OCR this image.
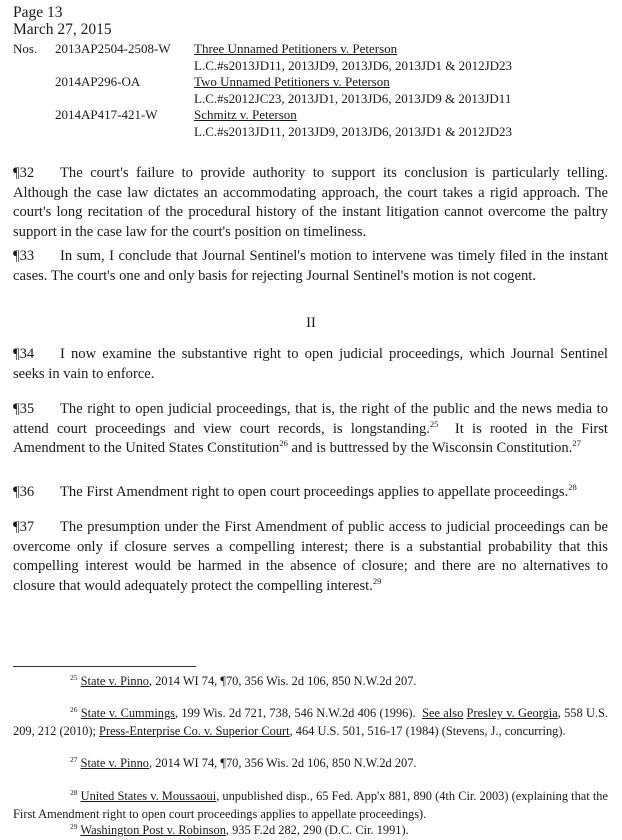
Page 13
March 27, 2015
Nos.	2013AP2504-2508-W	Three Unnamed Petitioners v. Peterson
L.C.#s2013JD11, 2013JD9, 2013JD6, 2013JD1 & 2012JD23
2014AP296-OA	Two Unnamed Petitioners v. Peterson
L.C.#s2012JC23, 2013JD1, 2013JD6, 2013JD9 & 2013JD11
2014AP417-421-W	Schmitz v. Peterson
L.C.#s2013JD11, 2013JD9, 2013JD6, 2013JD1 & 2012JD23
¶32 The court's failure to provide authority to support its conclusion is particularly telling. Although the case law dictates an accommodating approach, the court takes a rigid approach. The court's long recitation of the procedural history of the instant litigation cannot overcome the paltry support in the case law for the court's position on timeliness.
¶33 In sum, I conclude that Journal Sentinel's motion to intervene was timely filed in the instant cases. The court's one and only basis for rejecting Journal Sentinel's motion is not cogent.
II
¶34 I now examine the substantive right to open judicial proceedings, which Journal Sentinel seeks in vain to enforce.
¶35 The right to open judicial proceedings, that is, the right of the public and the news media to attend court proceedings and view court records, is longstanding.$^{25}$  It is rooted in the First Amendment to the United States Constitution$^{26}$ and is buttressed by the Wisconsin Constitution.$^{27}$
¶36 The First Amendment right to open court proceedings applies to appellate proceedings.$^{28}$
¶37 The presumption under the First Amendment of public access to judicial proceedings can be overcome only if closure serves a compelling interest; there is a substantial probability that this compelling interest would be harmed in the absence of closure; and there are no alternatives to closure that would adequately protect the compelling interest.$^{29}$
$^{25}$ State v. Pinno, 2014 WI 74, ¶70, 356 Wis. 2d 106, 850 N.W.2d 207.
$^{26}$ State v. Cummings, 199 Wis. 2d 721, 738, 546 N.W.2d 406 (1996).  See also Presley v. Georgia, 558 U.S. 209, 212 (2010); Press-Enterprise Co. v. Superior Court, 464 U.S. 501, 516-17 (1984) (Stevens, J., concurring).
$^{27}$ State v. Pinno, 2014 WI 74, ¶70, 356 Wis. 2d 106, 850 N.W.2d 207.
$^{28}$ United States v. Moussaoui, unpublished disp., 65 Fed. App'x 881, 890 (4th Cir. 2003) (explaining that the First Amendment right to open court proceedings applies to appellate proceedings).
$^{29}$ Washington Post v. Robinson, 935 F.2d 282, 290 (D.C. Cir. 1991).
